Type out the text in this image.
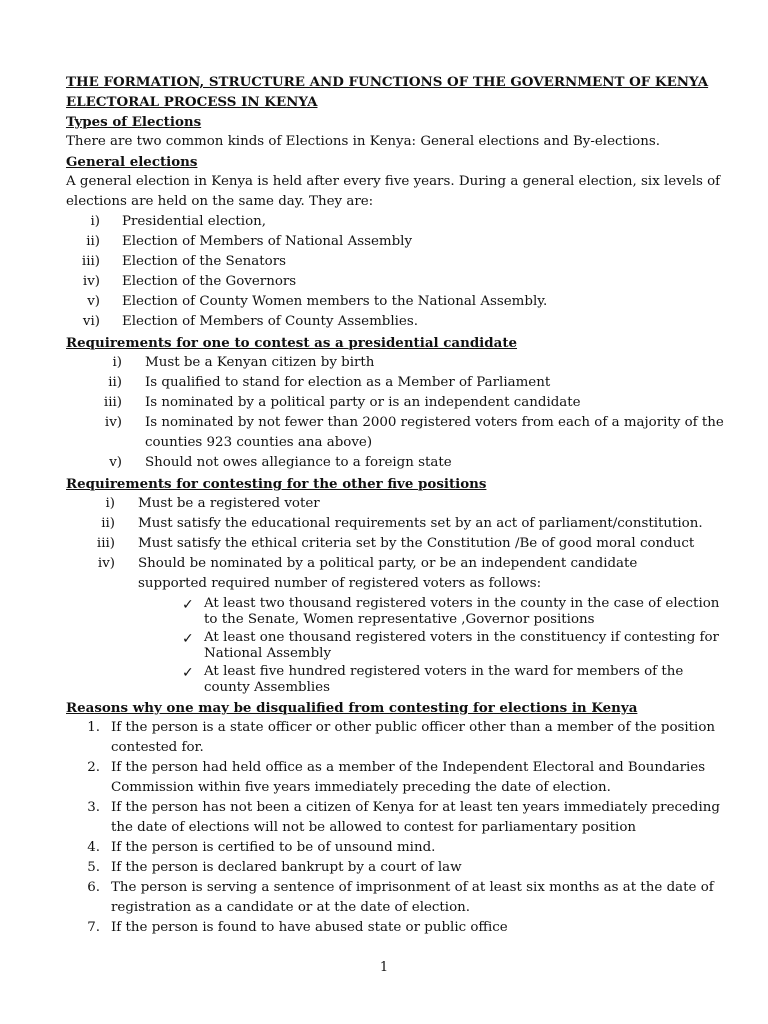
THE FORMATION, STRUCTURE AND FUNCTIONS OF THE GOVERNMENT OF KENYA
ELECTORAL PROCESS IN KENYA
Types of Elections
There are two common kinds of Elections in Kenya: General elections and By-elections.
General elections
A general election in Kenya is held after every five years. During a general election, six levels of
elections are held on the same day. They are:
i) Presidential election,
ii) Election of Members of National Assembly
iii) Election of the Senators
iv) Election of the Governors
v) Election of County Women members to the National Assembly.
vi) Election of Members of County Assemblies.
Requirements for one to contest as a presidential candidate
i) Must be a Kenyan citizen by birth
ii) Is qualified to stand for election as a Member of Parliament
iii) Is nominated by a political party or is an independent candidate
iv) Is nominated by not fewer than 2000 registered voters from each of a majority of the
counties 923 counties ana above)
v) Should not owes allegiance to a foreign state
Requirements for contesting for the other five positions
i) Must be a registered voter
ii) Must satisfy the educational requirements set by an act of parliament/constitution.
iii) Must satisfy the ethical criteria set by the Constitution /Be of good moral conduct
iv) Should be nominated by a political party, or be an independent candidate
supported required number of registered voters as follows:
✓ At least two thousand registered voters in the county in the case of election
to the Senate, Women representative ,Governor positions
✓ At least one thousand registered voters in the constituency if contesting for
National Assembly
✓ At least five hundred registered voters in the ward for members of the
county Assemblies
Reasons why one may be disqualified from contesting for elections in Kenya
1. If the person is a state officer or other public officer other than a member of the position
contested for.
2. If the person had held office as a member of the Independent Electoral and Boundaries
Commission within five years immediately preceding the date of election.
3. If the person has not been a citizen of Kenya for at least ten years immediately preceding
the date of elections will not be allowed to contest for parliamentary position
4. If the person is certified to be of unsound mind.
5. If the person is declared bankrupt by a court of law
6. The person is serving a sentence of imprisonment of at least six months as at the date of
registration as a candidate or at the date of election.
7. If the person is found to have abused state or public office
1
